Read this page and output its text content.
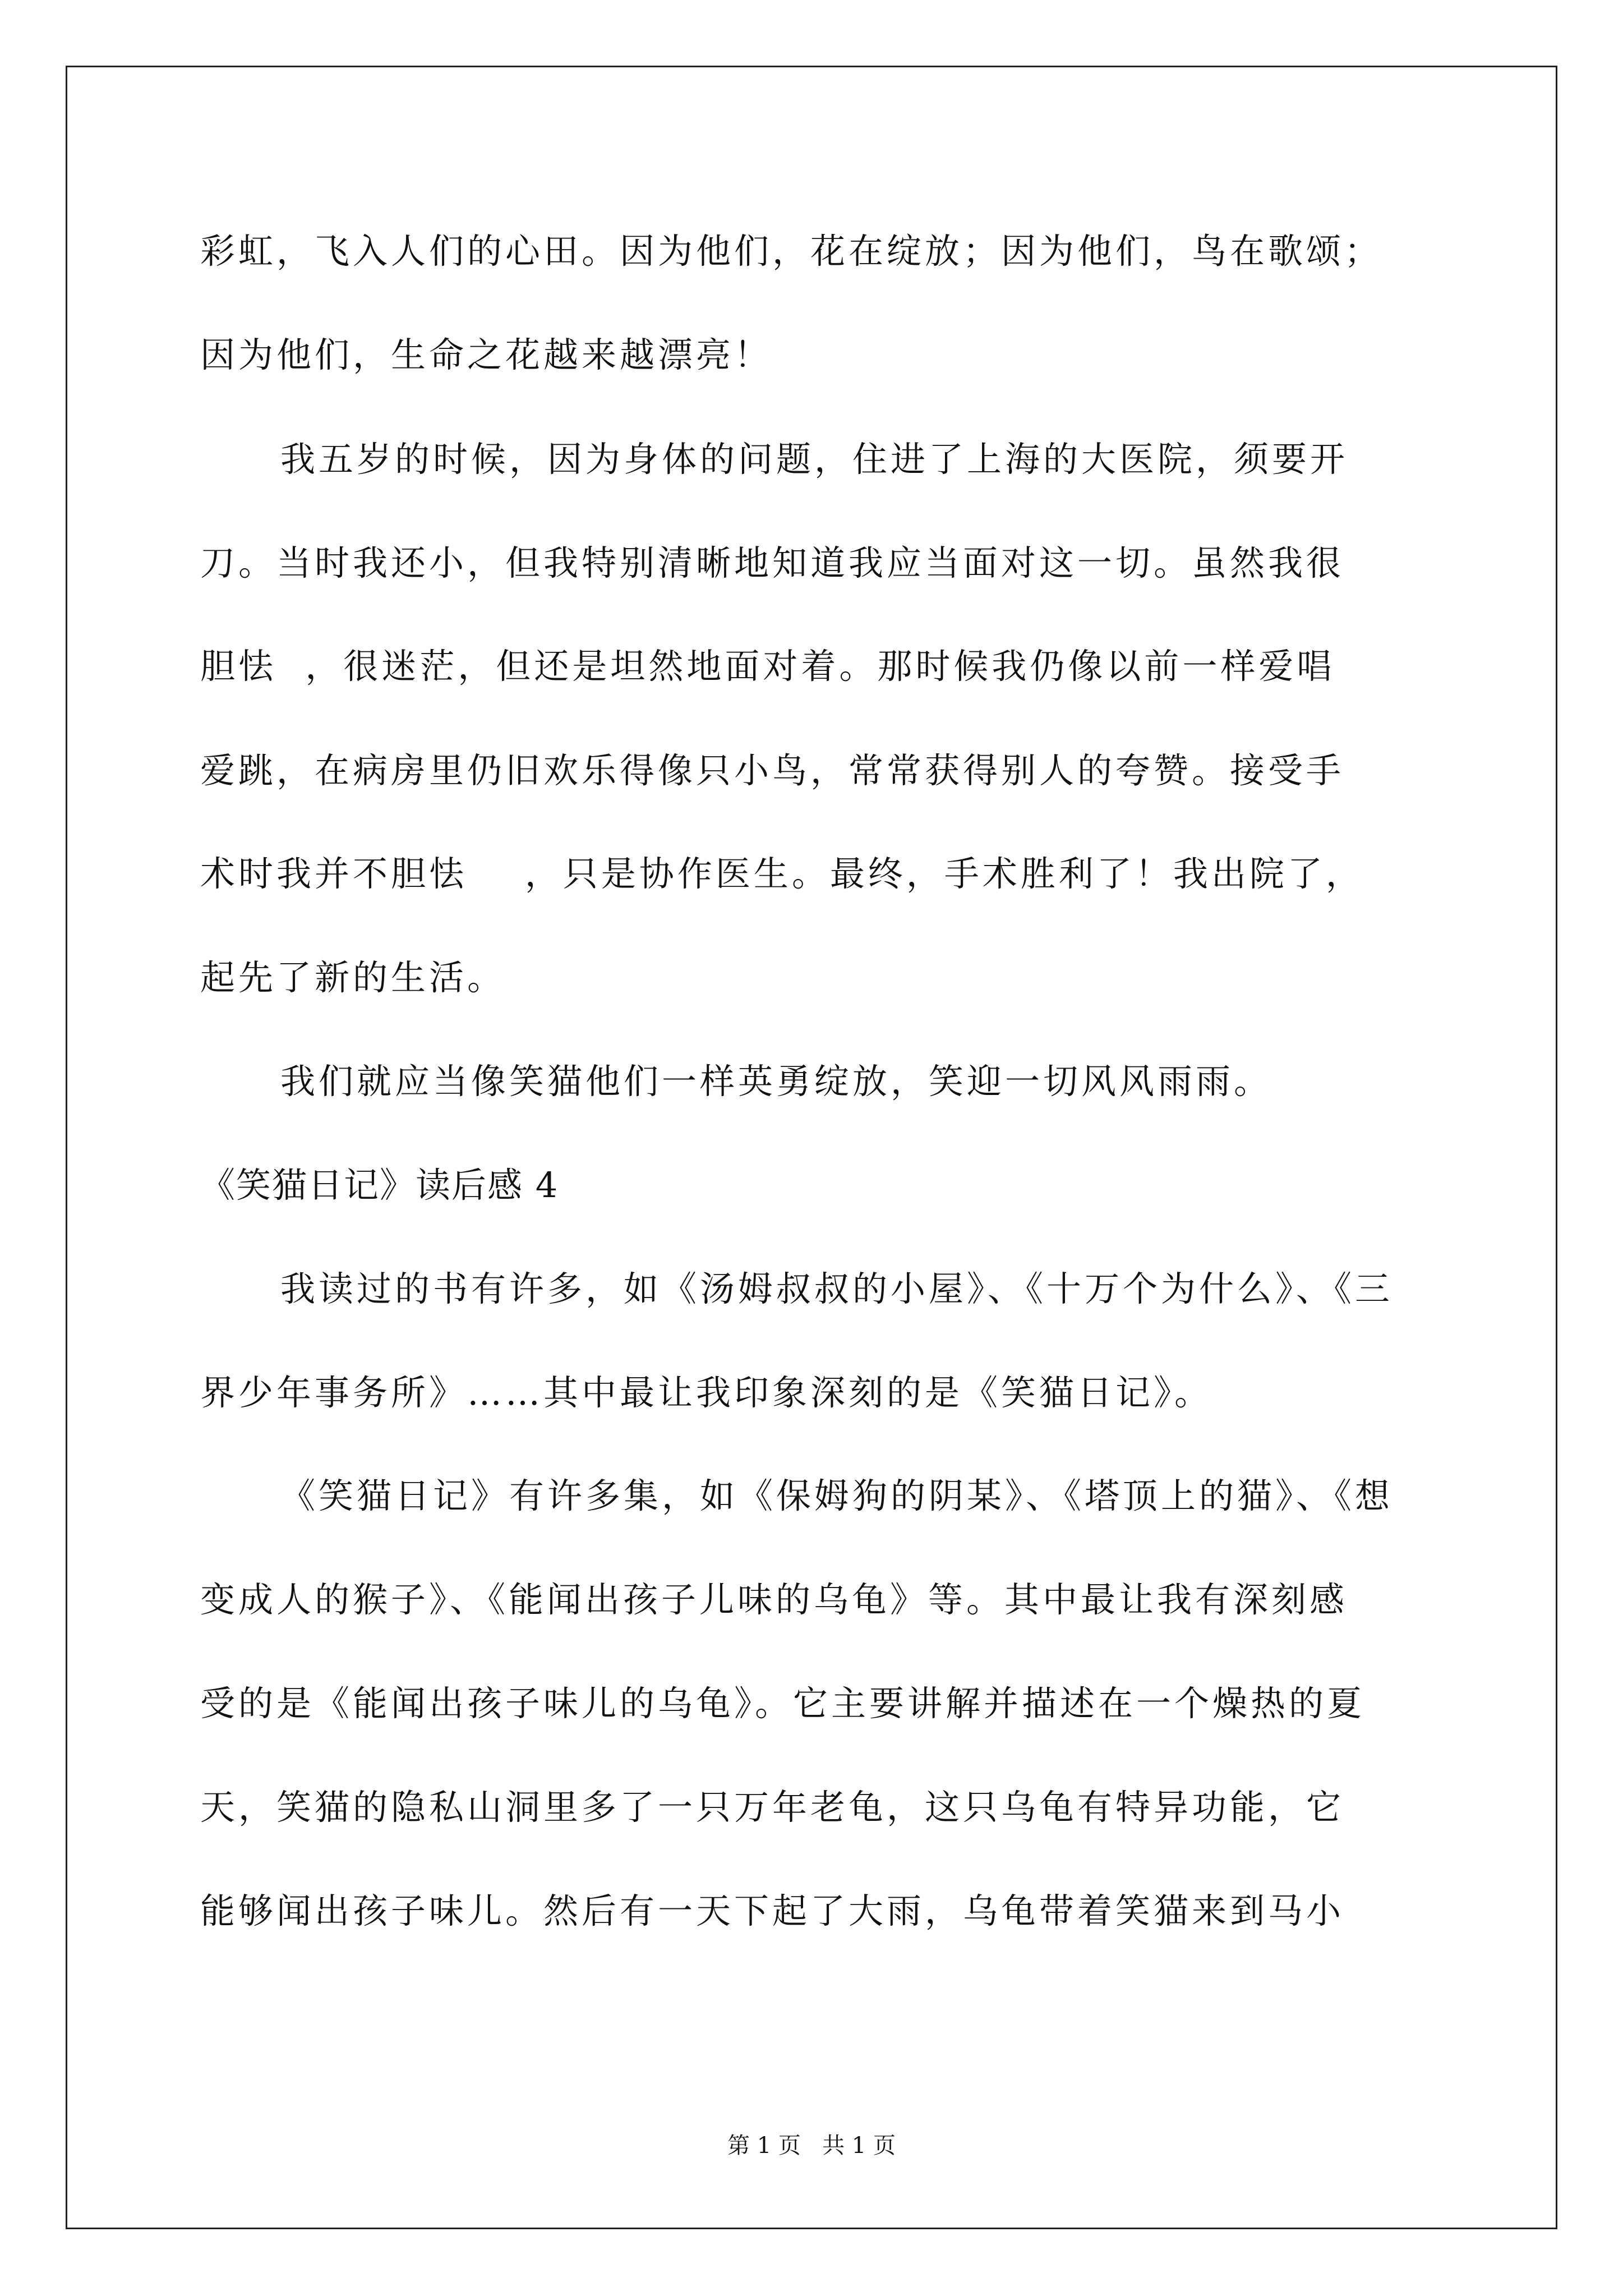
彩虹，飞入人们的心田。因为他们，花在绽放；因为他们，鸟在歌颂；

因为他们，生命之花越来越漂亮！

我五岁的时候，因为身体的问题，住进了上海的大医院，须要开

刀。当时我还小，但我特别清晰地知道我应当面对这一切。虽然我很

胆怯  ，很迷茫，但还是坦然地面对着。那时候我仍像以前一样爱唱

爱跳，在病房里仍旧欢乐得像只小鸟，常常获得别人的夸赞。接受手

术时我并不胆怯    ，只是协作医生。最终，手术胜利了！我出院了，

起先了新的生活。

我们就应当像笑猫他们一样英勇绽放，笑迎一切风风雨雨。

《笑猫日记》读后感 4

我读过的书有许多，如《汤姆叔叔的小屋》、《十万个为什么》、《三

界少年事务所》……其中最让我印象深刻的是《笑猫日记》。

《笑猫日记》有许多集，如《保姆狗的阴某》、《塔顶上的猫》、《想

变成人的猴子》、《能闻出孩子儿味的乌龟》等。其中最让我有深刻感

受的是《能闻出孩子味儿的乌龟》。它主要讲解并描述在一个燥热的夏

天，笑猫的隐私山洞里多了一只万年老龟，这只乌龟有特异功能，它

能够闻出孩子味儿。然后有一天下起了大雨，乌龟带着笑猫来到马小

第 1 页   共 1 页
